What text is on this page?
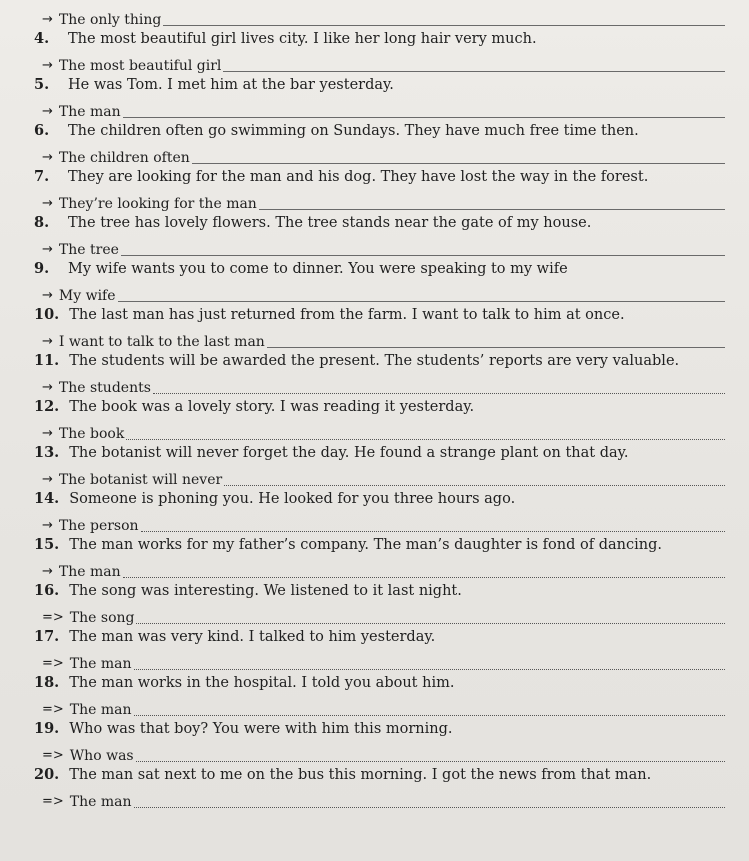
→ The only thing
4.	The most beautiful girl lives city. I like her long hair very much.
→ The most beautiful girl
5.	He was Tom. I met him at the bar yesterday.
→ The man
6.	The children often go swimming on Sundays. They have much free time then.
→ The children often
7.	They are looking for the man and his dog. They have lost the way in the forest.
→ They’re looking for the man
8.	The tree has lovely flowers. The tree stands near the gate of my house.
→ The tree
9.	My wife wants you to come to dinner. You were speaking to my wife
→ My wife
10. The last man has just returned from the farm. I want to talk to him at once.
→ I want to talk to the last man
11. The students will be awarded the present. The students’ reports are very valuable.
→ The students
12. The book was a lovely story. I was reading it yesterday.
→ The book
13. The botanist will never forget the day. He found a strange plant on that day.
→ The botanist will never
14. Someone is phoning you. He looked for you three hours ago.
→ The person
15. The man works for my father’s company. The man’s daughter is fond of dancing.
→ The man
16. The song was interesting. We listened to it last night.
=> The song
17. The man was very kind. I talked to him yesterday.
=> The man
18. The man works in the hospital. I told you about him.
=> The man
19. Who was that boy? You were with him this morning.
=> Who was
20. The man sat next to me on the bus this morning. I got the news from that man.
=> The man
